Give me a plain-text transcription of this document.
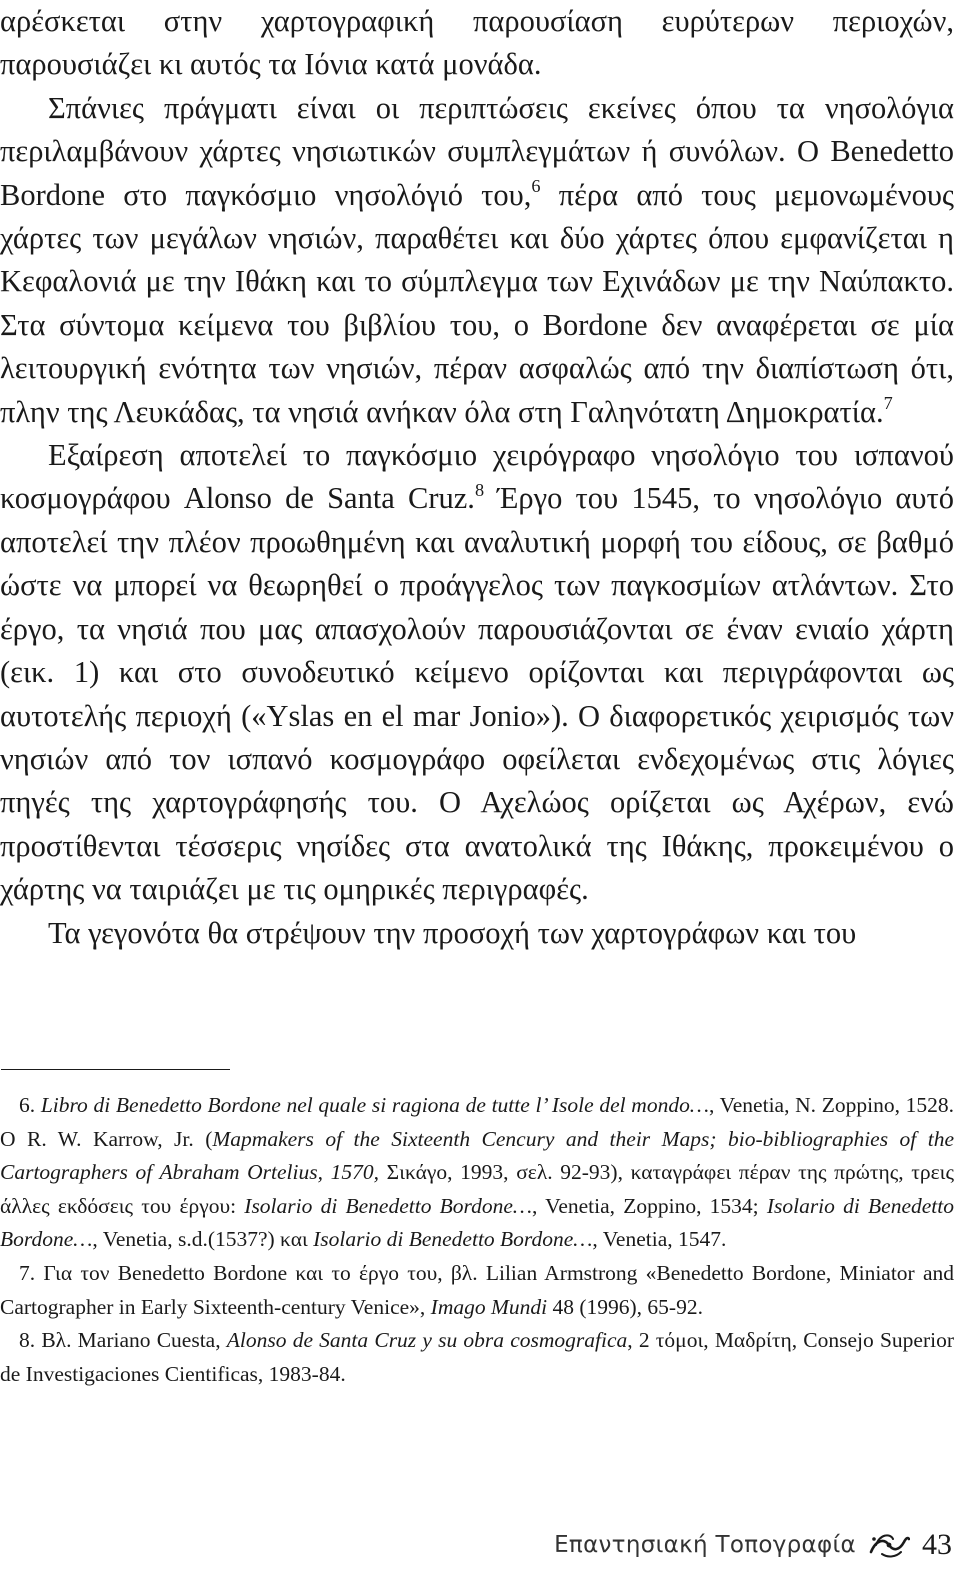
αρέσκεται στην χαρτογραφική παρουσίαση ευρύτερων περιοχών, παρουσιάζει κι αυτός τα Ιόνια κατά μονάδα.

Σπάνιες πράγματι είναι οι περιπτώσεις εκείνες όπου τα νησολόγια περιλαμβάνουν χάρτες νησιωτικών συμπλεγμάτων ή συνόλων. Ο Benedetto Bordone στο παγκόσμιο νησολόγιό του,$^6$ πέρα από τους μεμονωμένους χάρτες των μεγάλων νησιών, παραθέτει και δύο χάρτες όπου εμφανίζεται η Κεφαλονιά με την Ιθάκη και το σύμπλεγμα των Εχινάδων με την Ναύπακτο. Στα σύντομα κείμενα του βιβλίου του, ο Bordone δεν αναφέρεται σε μία λειτουργική ενότητα των νησιών, πέραν ασφαλώς από την διαπίστωση ότι, πλην της Λευκάδας, τα νησιά ανήκαν όλα στη Γαληνότατη Δημοκρατία.$^7$

Εξαίρεση αποτελεί το παγκόσμιο χειρόγραφο νησολόγιο του ισπανού κοσμογράφου Alonso de Santa Cruz.$^8$ Έργο του 1545, το νησολόγιο αυτό αποτελεί την πλέον προωθημένη και αναλυτική μορφή του είδους, σε βαθμό ώστε να μπορεί να θεωρηθεί ο προάγγελος των παγκοσμίων ατλάντων. Στο έργο, τα νησιά που μας απασχολούν παρουσιάζονται σε έναν ενιαίο χάρτη (εικ. 1) και στο συνοδευτικό κείμενο ορίζονται και περιγράφονται ως αυτοτελής περιοχή («Yslas en el mar Jonio»). Ο διαφορετικός χειρισμός των νησιών από τον ισπανό κοσμογράφο οφείλεται ενδεχομένως στις λόγιες πηγές της χαρτογράφησής του. Ο Αχελώος ορίζεται ως Αχέρων, ενώ προστίθενται τέσσερις νησίδες στα ανατολικά της Ιθάκης, προκειμένου ο χάρτης να ταιριάζει με τις ομηρικές περιγραφές.

Τα γεγονότα θα στρέψουν την προσοχή των χαρτογράφων και του

6. Libro di Benedetto Bordone nel quale si ragiona de tutte l’ Isole del mondo…, Venetia, N. Zoppino, 1528. Ο R. W. Karrow, Jr. (Mapmakers of the Sixteenth Cencury and their Maps; bio-bibliographies of the Cartographers of Abraham Ortelius, 1570, Σικάγο, 1993, σελ. 92-93), καταγράφει πέραν της πρώτης, τρεις άλλες εκδόσεις του έργου: Isolario di Benedetto Bordone…, Venetia, Zoppino, 1534; Isolario di Benedetto Bordone…, Venetia, s.d.(1537?) και Isolario di Benedetto Bordone…, Venetia, 1547.

7. Για τον Benedetto Bordone και το έργο του, βλ. Lilian Armstrong «Benedetto Bordone, Miniator and Cartographer in Early Sixteenth-century Venice», Imago Mundi 48 (1996), 65-92.

8. Βλ. Mariano Cuesta, Alonso de Santa Cruz y su obra cosmografica, 2 τόμοι, Μαδρίτη, Consejo Superior de Investigaciones Cientificas, 1983-84.

Επαντησιακή Τοπογραφία 43
